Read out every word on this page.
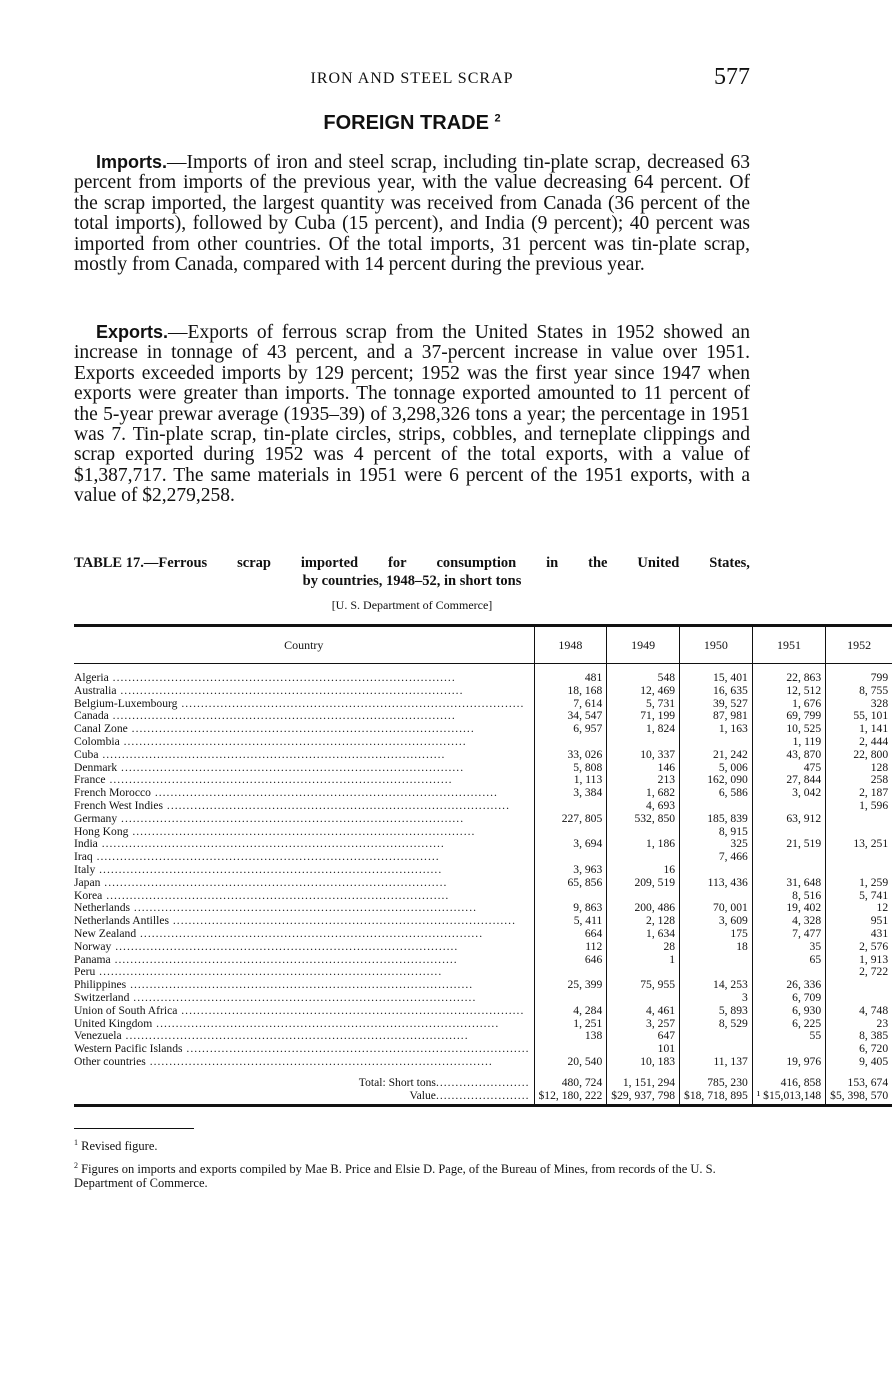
IRON AND STEEL SCRAP	577
FOREIGN TRADE $^2$

Imports.—Imports of iron and steel scrap, including tin-plate scrap, decreased 63 percent from imports of the previous year, with the value decreasing 64 percent. Of the scrap imported, the largest quantity was received from Canada (36 percent of the total imports), followed by Cuba (15 percent), and India (9 percent); 40 percent was imported from other countries. Of the total imports, 31 percent was tin-plate scrap, mostly from Canada, compared with 14 percent during the previous year.

Exports.—Exports of ferrous scrap from the United States in 1952 showed an increase in tonnage of 43 percent, and a 37-percent increase in value over 1951. Exports exceeded imports by 129 percent; 1952 was the first year since 1947 when exports were greater than imports. The tonnage exported amounted to 11 percent of the 5-year prewar average (1935–39) of 3,298,326 tons a year; the percentage in 1951 was 7. Tin-plate scrap, tin-plate circles, strips, cobbles, and terneplate clippings and scrap exported during 1952 was 4 percent of the total exports, with a value of $1,387,717. The same materials in 1951 were 6 percent of the 1951 exports, with a value of $2,279,258.

TABLE 17.—Ferrous scrap imported for consumption in the United States,
by countries, 1948–52, in short tons
[U. S. Department of Commerce]
Country	1948	1949	1950	1951	1952

Algeria .....	481	548	15, 401	22, 863	799
Australia .....	18, 168	12, 469	16, 635	12, 512	8, 755
Belgium-Luxembourg .....	7, 614	5, 731	39, 527	1, 676	328
Canada .....	34, 547	71, 199	87, 981	69, 799	55, 101
Canal Zone .....	6, 957	1, 824	1, 163	10, 525	1, 141
Colombia .....				1, 119	2, 444
Cuba .....	33, 026	10, 337	21, 242	43, 870	22, 800
Denmark .....	5, 808	146	5, 006	475	128
France .....	1, 113	213	162, 090	27, 844	258
French Morocco .....	3, 384	1, 682	6, 586	3, 042	2, 187
French West Indies .....		4, 693			1, 596
Germany .....	227, 805	532, 850	185, 839	63, 912	
Hong Kong .....			8, 915		
India .....	3, 694	1, 186	325	21, 519	13, 251
Iraq .....			7, 466		
Italy .....	3, 963	16			
Japan .....	65, 856	209, 519	113, 436	31, 648	1, 259
Korea .....				8, 516	5, 741
Netherlands .....	9, 863	200, 486	70, 001	19, 402	12
Netherlands Antilles .....	5, 411	2, 128	3, 609	4, 328	951
New Zealand .....	664	1, 634	175	7, 477	431
Norway .....	112	28	18	35	2, 576
Panama .....	646	1		65	1, 913
Peru .....					2, 722
Philippines .....	25, 399	75, 955	14, 253	26, 336	
Switzerland .....			3	6, 709	
Union of South Africa .....	4, 284	4, 461	5, 893	6, 930	4, 748
United Kingdom .....	1, 251	3, 257	8, 529	6, 225	23
Venezuela .....	138	647		55	8, 385
Western Pacific Islands .....		101			6, 720
Other countries .....	20, 540	10, 183	11, 137	19, 976	9, 405

Total: Short tons .....	480, 724	1, 151, 294	785, 230	416, 858	153, 674
Value .....	$12, 180, 222	$29, 937, 798	$18, 718, 895	¹ $15,013,148	$5, 398, 570

$^1$ Revised figure.

$^2$ Figures on imports and exports compiled by Mae B. Price and Elsie D. Page, of the Bureau of Mines, from records of the U. S. Department of Commerce.
